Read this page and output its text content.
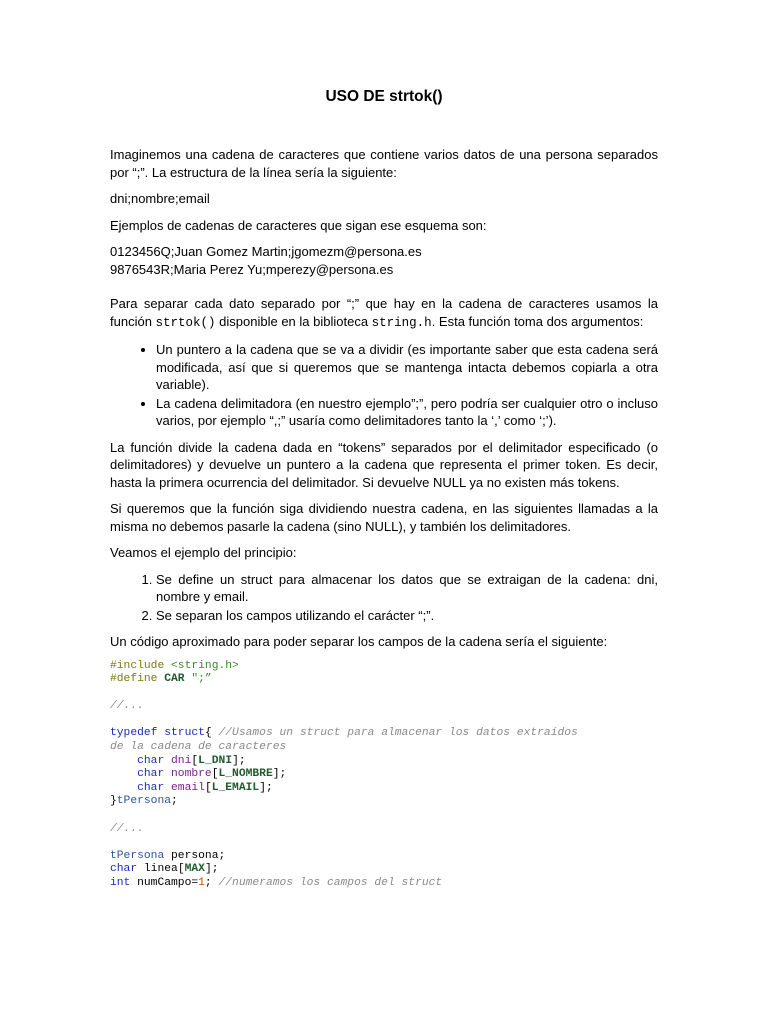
USO DE strtok()

Imaginemos una cadena de caracteres que contiene varios datos de una persona separados por “;”. La estructura de la línea sería la siguiente:

dni;nombre;email

Ejemplos de cadenas de caracteres que sigan ese esquema son:

0123456Q;Juan Gomez Martin;jgomezm@persona.es

9876543R;Maria Perez Yu;mperezy@persona.es

Para separar cada dato separado por “;” que hay en la cadena de caracteres usamos la función strtok() disponible en la biblioteca string.h. Esta función toma dos argumentos:

• Un puntero a la cadena que se va a dividir (es importante saber que esta cadena será modificada, así que si queremos que se mantenga intacta debemos copiarla a otra variable).
• La cadena delimitadora (en nuestro ejemplo”;”, pero podría ser cualquier otro o incluso varios, por ejemplo “,;” usaría como delimitadores tanto la ‘,’ como ‘;’).

La función divide la cadena dada en “tokens” separados por el delimitador especificado (o delimitadores) y devuelve un puntero a la cadena que representa el primer token. Es decir, hasta la primera ocurrencia del delimitador. Si devuelve NULL ya no existen más tokens.

Si queremos que la función siga dividiendo nuestra cadena, en las siguientes llamadas a la misma no debemos pasarle la cadena (sino NULL), y también los delimitadores.

Veamos el ejemplo del principio:

1. Se define un struct para almacenar los datos que se extraigan de la cadena: dni, nombre y email.
2. Se separan los campos utilizando el carácter “;”.

Un código aproximado para poder separar los campos de la cadena sería el siguiente:

#include <string.h>
#define CAR ";”
//...
typedef struct{ //Usamos un struct para almacenar los datos extraídos
de la cadena de caracteres
char dni[L_DNI];
char nombre[L_NOMBRE];
char email[L_EMAIL];
}tPersona;
//...
tPersona persona;
char linea[MAX];
int numCampo=1; //numeramos los campos del struct
